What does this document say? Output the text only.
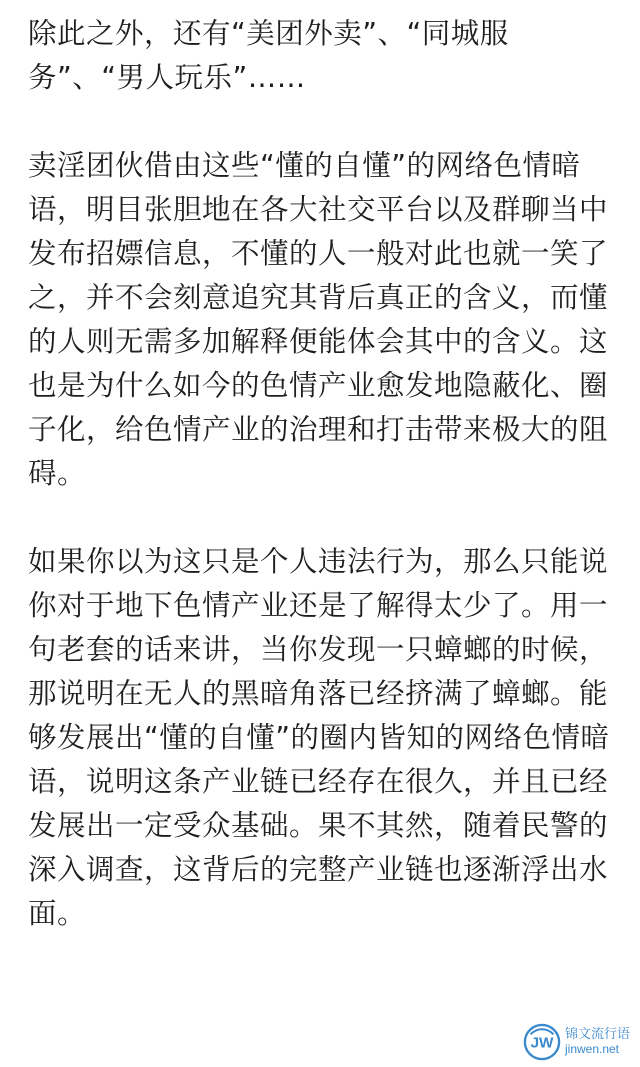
除此之外，还有“美团外卖”、“同城服务”、“男人玩乐”……

卖淫团伙借由这些“懂的自懂”的网络色情暗语，明目张胆地在各大社交平台以及群聊当中发布招嫖信息，不懂的人一般对此也就一笑了之，并不会刻意追究其背后真正的含义，而懂的人则无需多加解释便能体会其中的含义。这也是为什么如今的色情产业愈发地隐蔽化、圈子化，给色情产业的治理和打击带来极大的阻碍。

如果你以为这只是个人违法行为，那么只能说你对于地下色情产业还是了解得太少了。用一句老套的话来讲，当你发现一只蟑螂的时候，那说明在无人的黑暗角落已经挤满了蟑螂。能够发展出“懂的自懂”的圈内皆知的网络色情暗语，说明这条产业链已经存在很久，并且已经发展出一定受众基础。果不其然，随着民警的深入调查，这背后的完整产业链也逐渐浮出水面。

JW 锦文流行语
jinwen.net
